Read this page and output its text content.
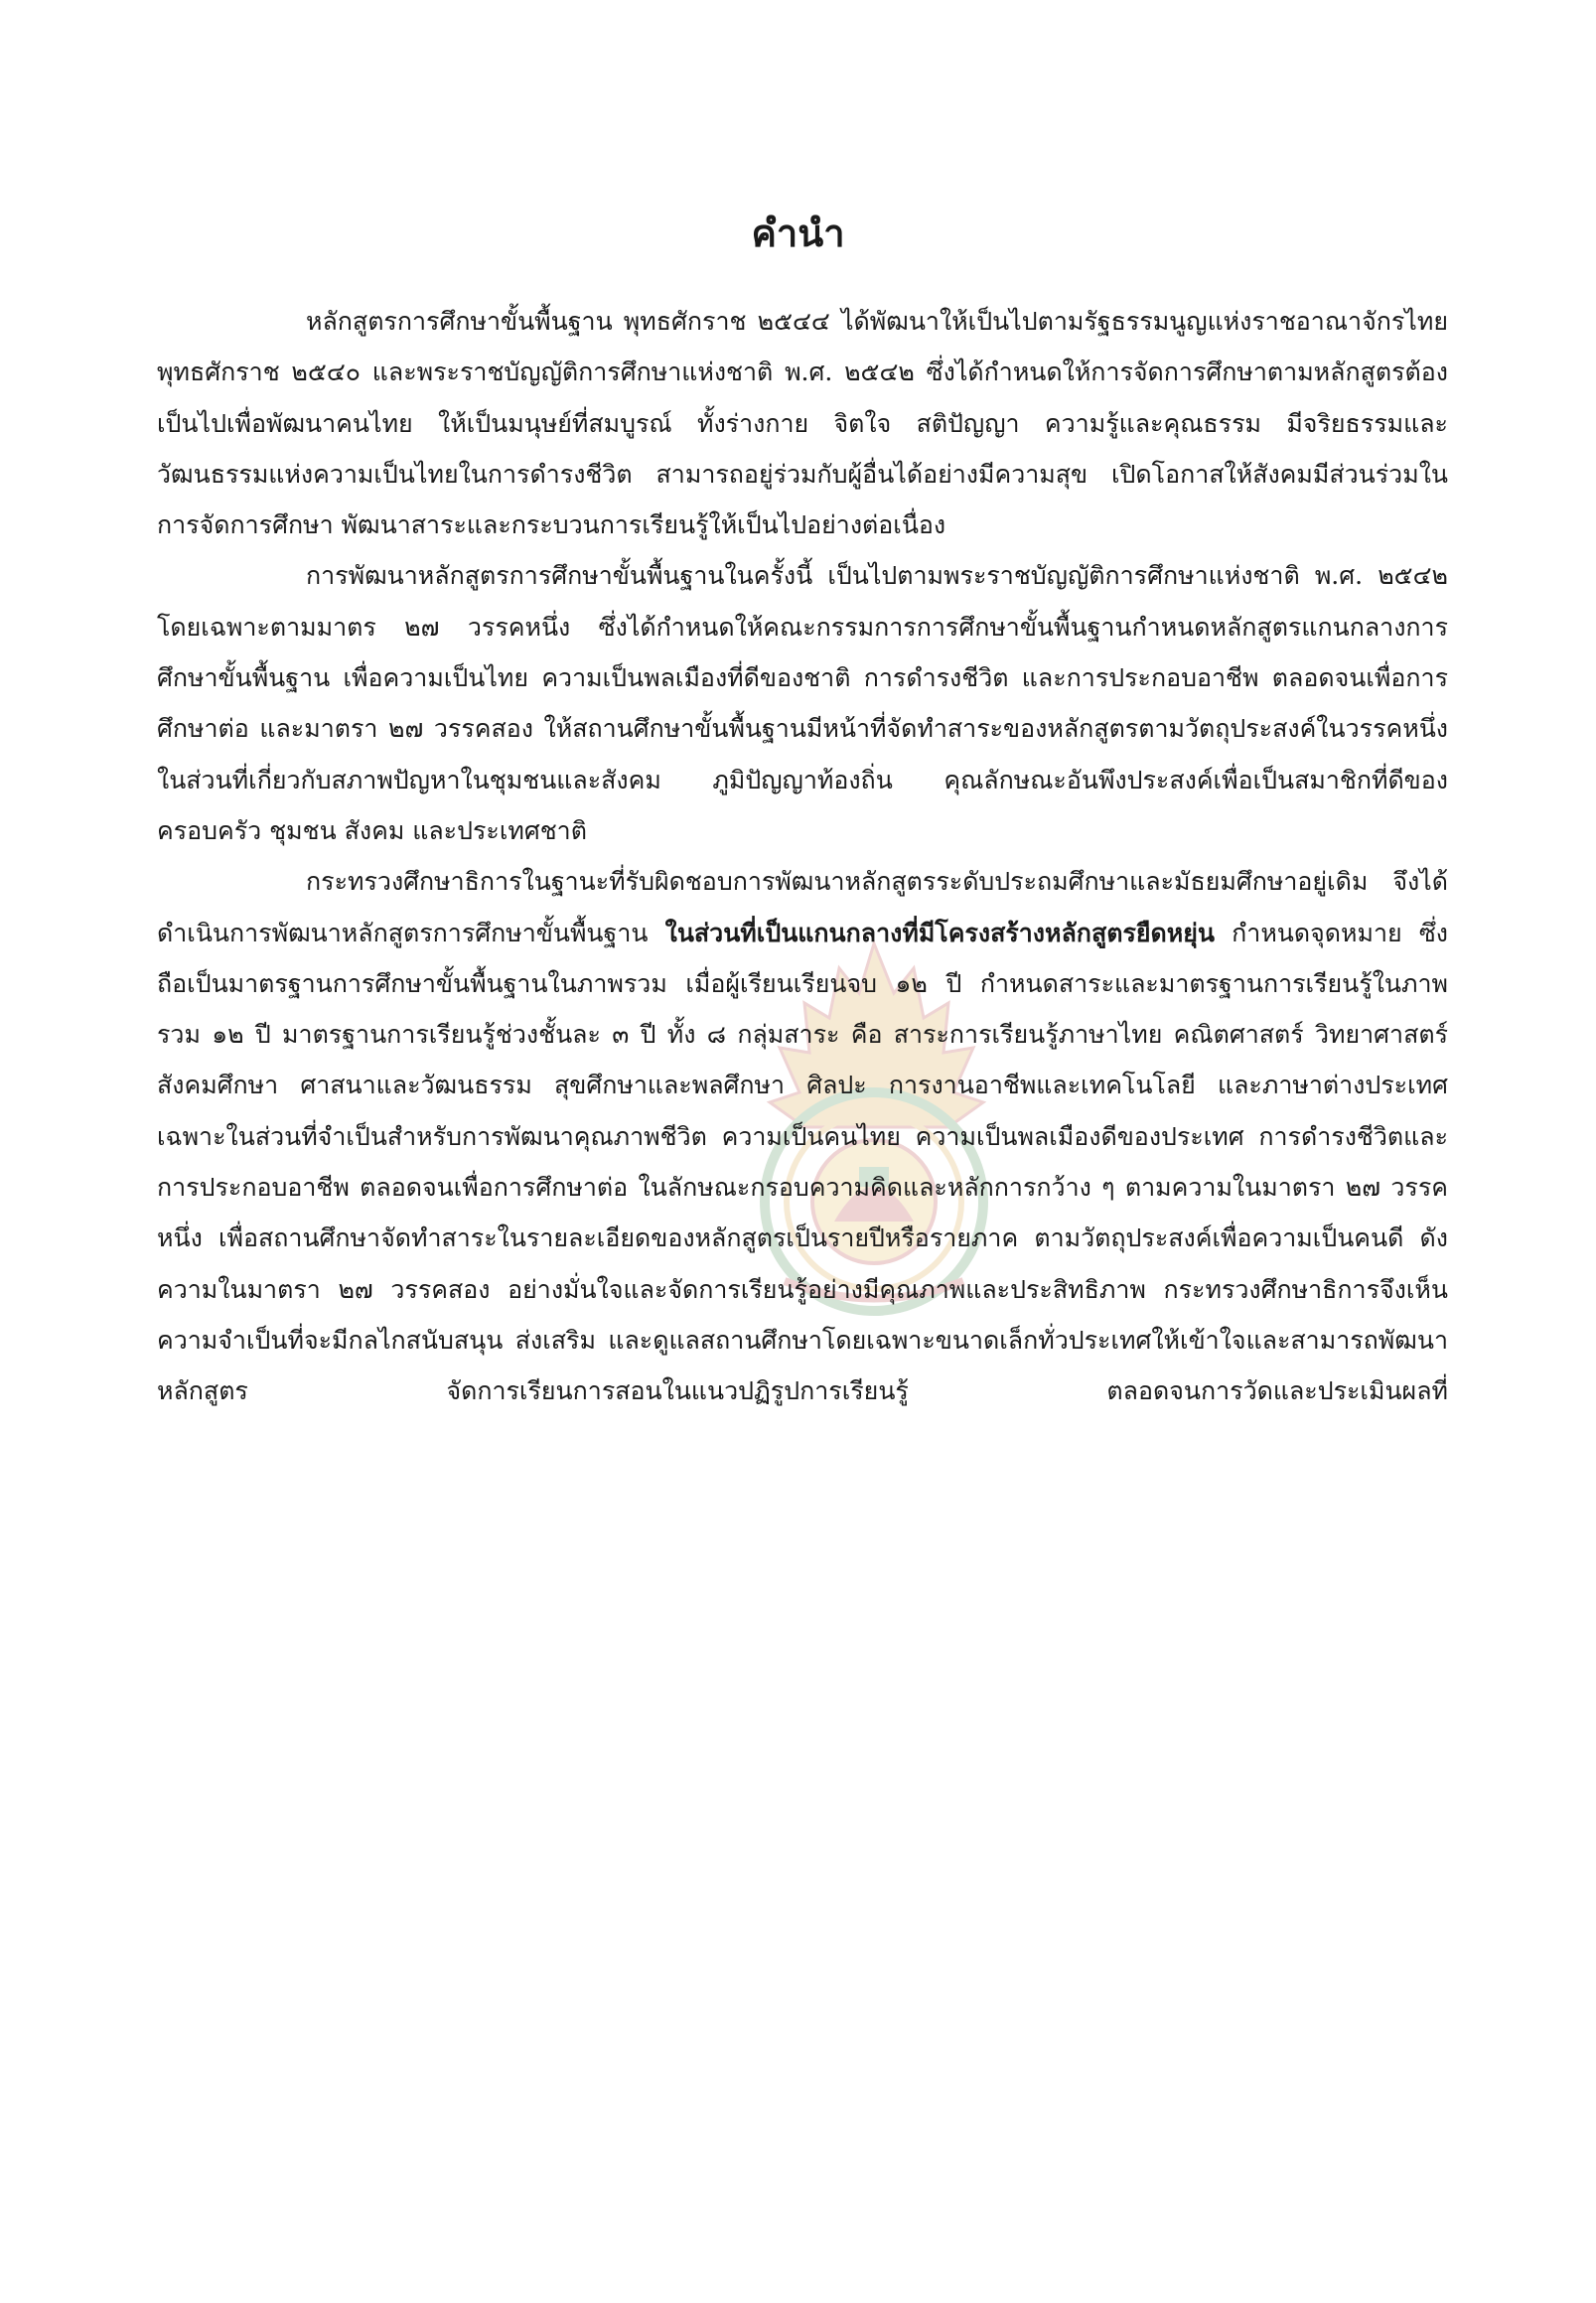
คำนำ

หลักสูตรการศึกษาขั้นพื้นฐาน พุทธศักราช ๒๕๔๔ ได้พัฒนาให้เป็นไปตามรัฐธรรมนูญแห่งราชอาณาจักรไทย พุทธศักราช ๒๕๔๐ และพระราชบัญญัติการศึกษาแห่งชาติ พ.ศ. ๒๕๔๒ ซึ่งได้กำหนดให้การจัดการศึกษาตามหลักสูตรต้องเป็นไปเพื่อพัฒนาคนไทย ให้เป็นมนุษย์ที่สมบูรณ์ ทั้งร่างกาย จิตใจ สติปัญญา ความรู้และคุณธรรม มีจริยธรรมและวัฒนธรรมแห่งความเป็นไทยในการดำรงชีวิต สามารถอยู่ร่วมกับผู้อื่นได้อย่างมีความสุข เปิดโอกาสให้สังคมมีส่วนร่วมในการจัดการศึกษา พัฒนาสาระและกระบวนการเรียนรู้ให้เป็นไปอย่างต่อเนื่อง

การพัฒนาหลักสูตรการศึกษาขั้นพื้นฐานในครั้งนี้ เป็นไปตามพระราชบัญญัติการศึกษาแห่งชาติ พ.ศ. ๒๕๔๒ โดยเฉพาะตามมาตร ๒๗ วรรคหนึ่ง ซึ่งได้กำหนดให้คณะกรรมการการศึกษาขั้นพื้นฐานกำหนดหลักสูตรแกนกลางการศึกษาขั้นพื้นฐาน เพื่อความเป็นไทย ความเป็นพลเมืองที่ดีของชาติ การดำรงชีวิต และการประกอบอาชีพ ตลอดจนเพื่อการศึกษาต่อ และมาตรา ๒๗ วรรคสอง ให้สถานศึกษาขั้นพื้นฐานมีหน้าที่จัดทำสาระของหลักสูตรตามวัตถุประสงค์ในวรรคหนึ่งในส่วนที่เกี่ยวกับสภาพปัญหาในชุมชนและสังคม ภูมิปัญญาท้องถิ่น คุณลักษณะอันพึงประสงค์เพื่อเป็นสมาชิกที่ดีของครอบครัว ชุมชน สังคม และประเทศชาติ

กระทรวงศึกษาธิการในฐานะที่รับผิดชอบการพัฒนาหลักสูตรระดับประถมศึกษาและมัธยมศึกษาอยู่เดิม จึงได้ดำเนินการพัฒนาหลักสูตรการศึกษาขั้นพื้นฐาน ในส่วนที่เป็นแกนกลางที่มีโครงสร้างหลักสูตรยืดหยุ่น กำหนดจุดหมาย ซึ่งถือเป็นมาตรฐานการศึกษาขั้นพื้นฐานในภาพรวม เมื่อผู้เรียนเรียนจบ ๑๒ ปี กำหนดสาระและมาตรฐานการเรียนรู้ในภาพรวม ๑๒ ปี มาตรฐานการเรียนรู้ช่วงชั้นละ ๓ ปี ทั้ง ๘ กลุ่มสาระ คือ สาระการเรียนรู้ภาษาไทย คณิตศาสตร์ วิทยาศาสตร์ สังคมศึกษา ศาสนาและวัฒนธรรม สุขศึกษาและพลศึกษา ศิลปะ การงานอาชีพและเทคโนโลยี และภาษาต่างประเทศ เฉพาะในส่วนที่จำเป็นสำหรับการพัฒนาคุณภาพชีวิต ความเป็นคนไทย ความเป็นพลเมืองดีของประเทศ การดำรงชีวิตและการประกอบอาชีพ ตลอดจนเพื่อการศึกษาต่อ ในลักษณะกรอบความคิดและหลักการกว้าง ๆ ตามความในมาตรา ๒๗ วรรคหนึ่ง เพื่อสถานศึกษาจัดทำสาระในรายละเอียดของหลักสูตรเป็นรายปีหรือรายภาค ตามวัตถุประสงค์เพื่อความเป็นคนดี ดังความในมาตรา ๒๗ วรรคสอง อย่างมั่นใจและจัดการเรียนรู้อย่างมีคุณภาพและประสิทธิภาพ กระทรวงศึกษาธิการจึงเห็นความจำเป็นที่จะมีกลไกสนับสนุน ส่งเสริม และดูแลสถานศึกษาโดยเฉพาะขนาดเล็กทั่วประเทศให้เข้าใจและสามารถพัฒนาหลักสูตร จัดการเรียนการสอนในแนวปฏิรูปการเรียนรู้ ตลอดจนการวัดและประเมินผลที่
